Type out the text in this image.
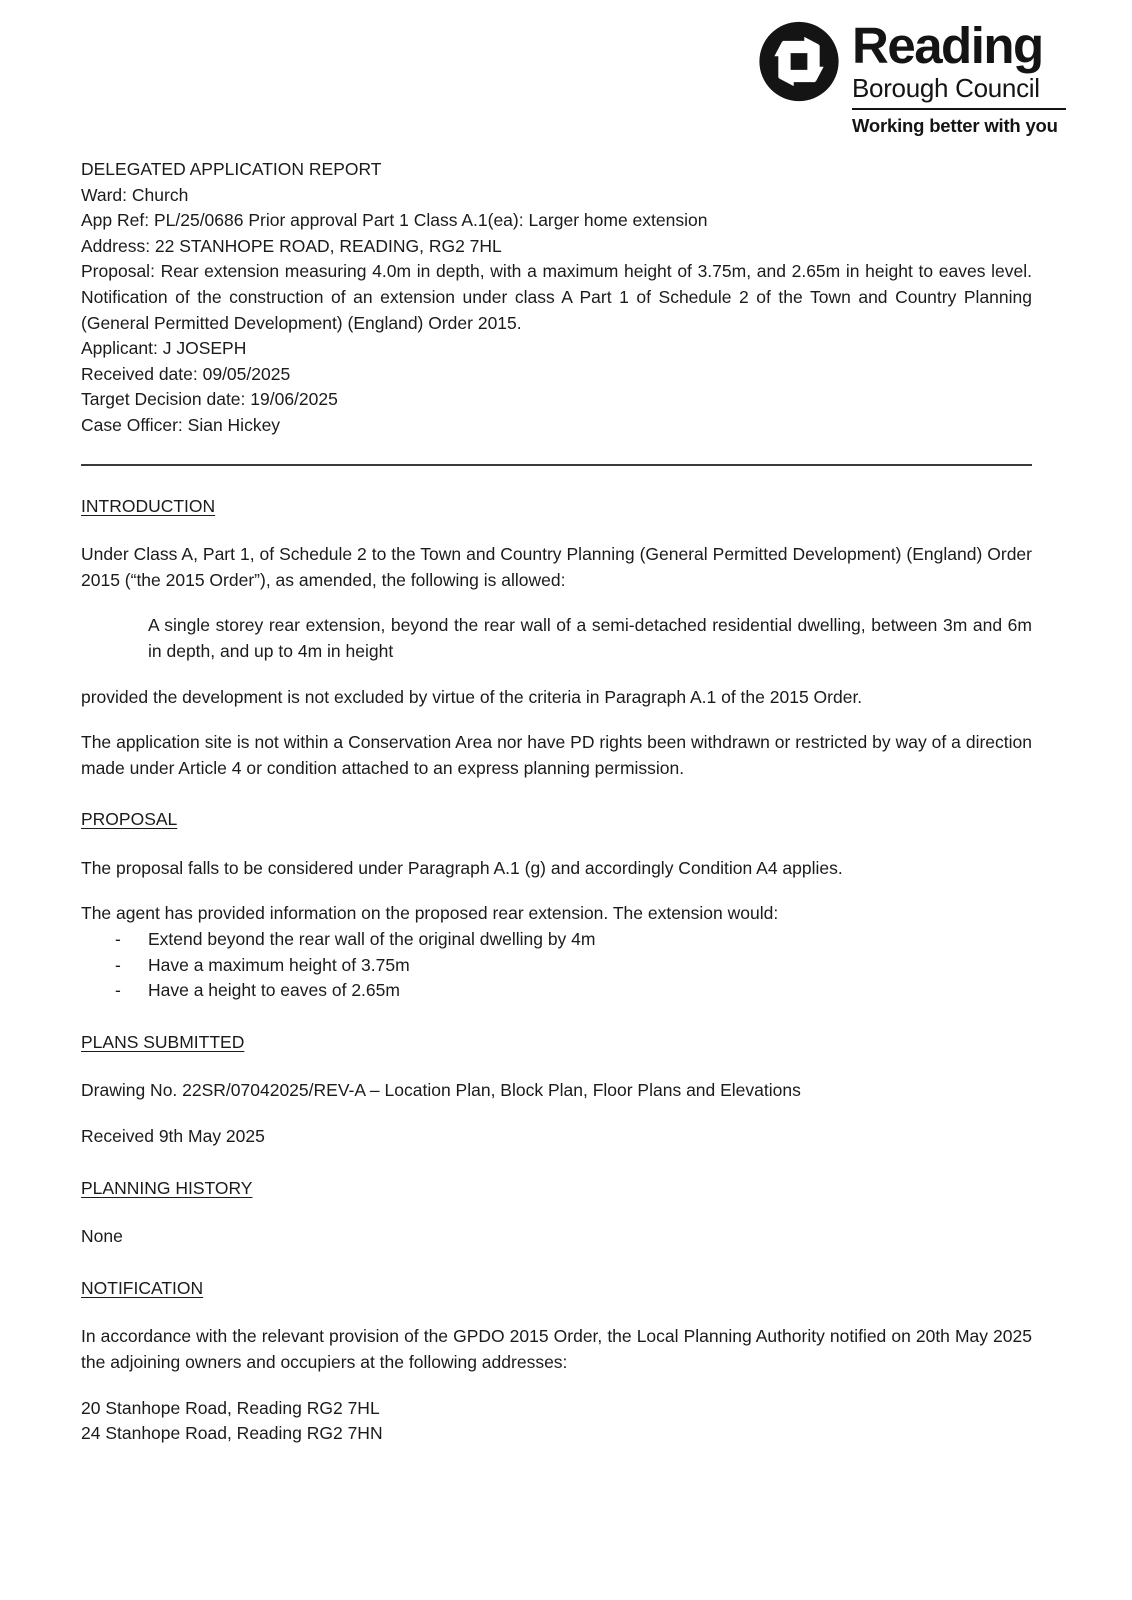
Reading
Borough Council
Working better with you
DELEGATED APPLICATION REPORT
Ward: Church
App Ref: PL/25/0686 Prior approval Part 1 Class A.1(ea): Larger home extension
Address: 22 STANHOPE ROAD, READING, RG2 7HL
Proposal: Rear extension measuring 4.0m in depth, with a maximum height of 3.75m, and 2.65m in height to eaves level. Notification of the construction of an extension under class A Part 1 of Schedule 2 of the Town and Country Planning (General Permitted Development) (England) Order 2015.
Applicant: J JOSEPH
Received date: 09/05/2025
Target Decision date: 19/06/2025
Case Officer: Sian Hickey
INTRODUCTION

Under Class A, Part 1, of Schedule 2 to the Town and Country Planning (General Permitted Development) (England) Order 2015 (“the 2015 Order”), as amended, the following is allowed:

A single storey rear extension, beyond the rear wall of a semi-detached residential dwelling, between 3m and 6m in depth, and up to 4m in height

provided the development is not excluded by virtue of the criteria in Paragraph A.1 of the 2015 Order.

The application site is not within a Conservation Area nor have PD rights been withdrawn or restricted by way of a direction made under Article 4 or condition attached to an express planning permission.

PROPOSAL

The proposal falls to be considered under Paragraph A.1 (g) and accordingly Condition A4 applies.

The agent has provided information on the proposed rear extension. The extension would:

-	Extend beyond the rear wall of the original dwelling by 4m
-	Have a maximum height of 3.75m
-	Have a height to eaves of 2.65m
PLANS SUBMITTED

Drawing No. 22SR/07042025/REV-A – Location Plan, Block Plan, Floor Plans and Elevations

Received 9th May 2025

PLANNING HISTORY

None

NOTIFICATION

In accordance with the relevant provision of the GPDO 2015 Order, the Local Planning Authority notified on 20th May 2025 the adjoining owners and occupiers at the following addresses:

20 Stanhope Road, Reading RG2 7HL
24 Stanhope Road, Reading RG2 7HN
